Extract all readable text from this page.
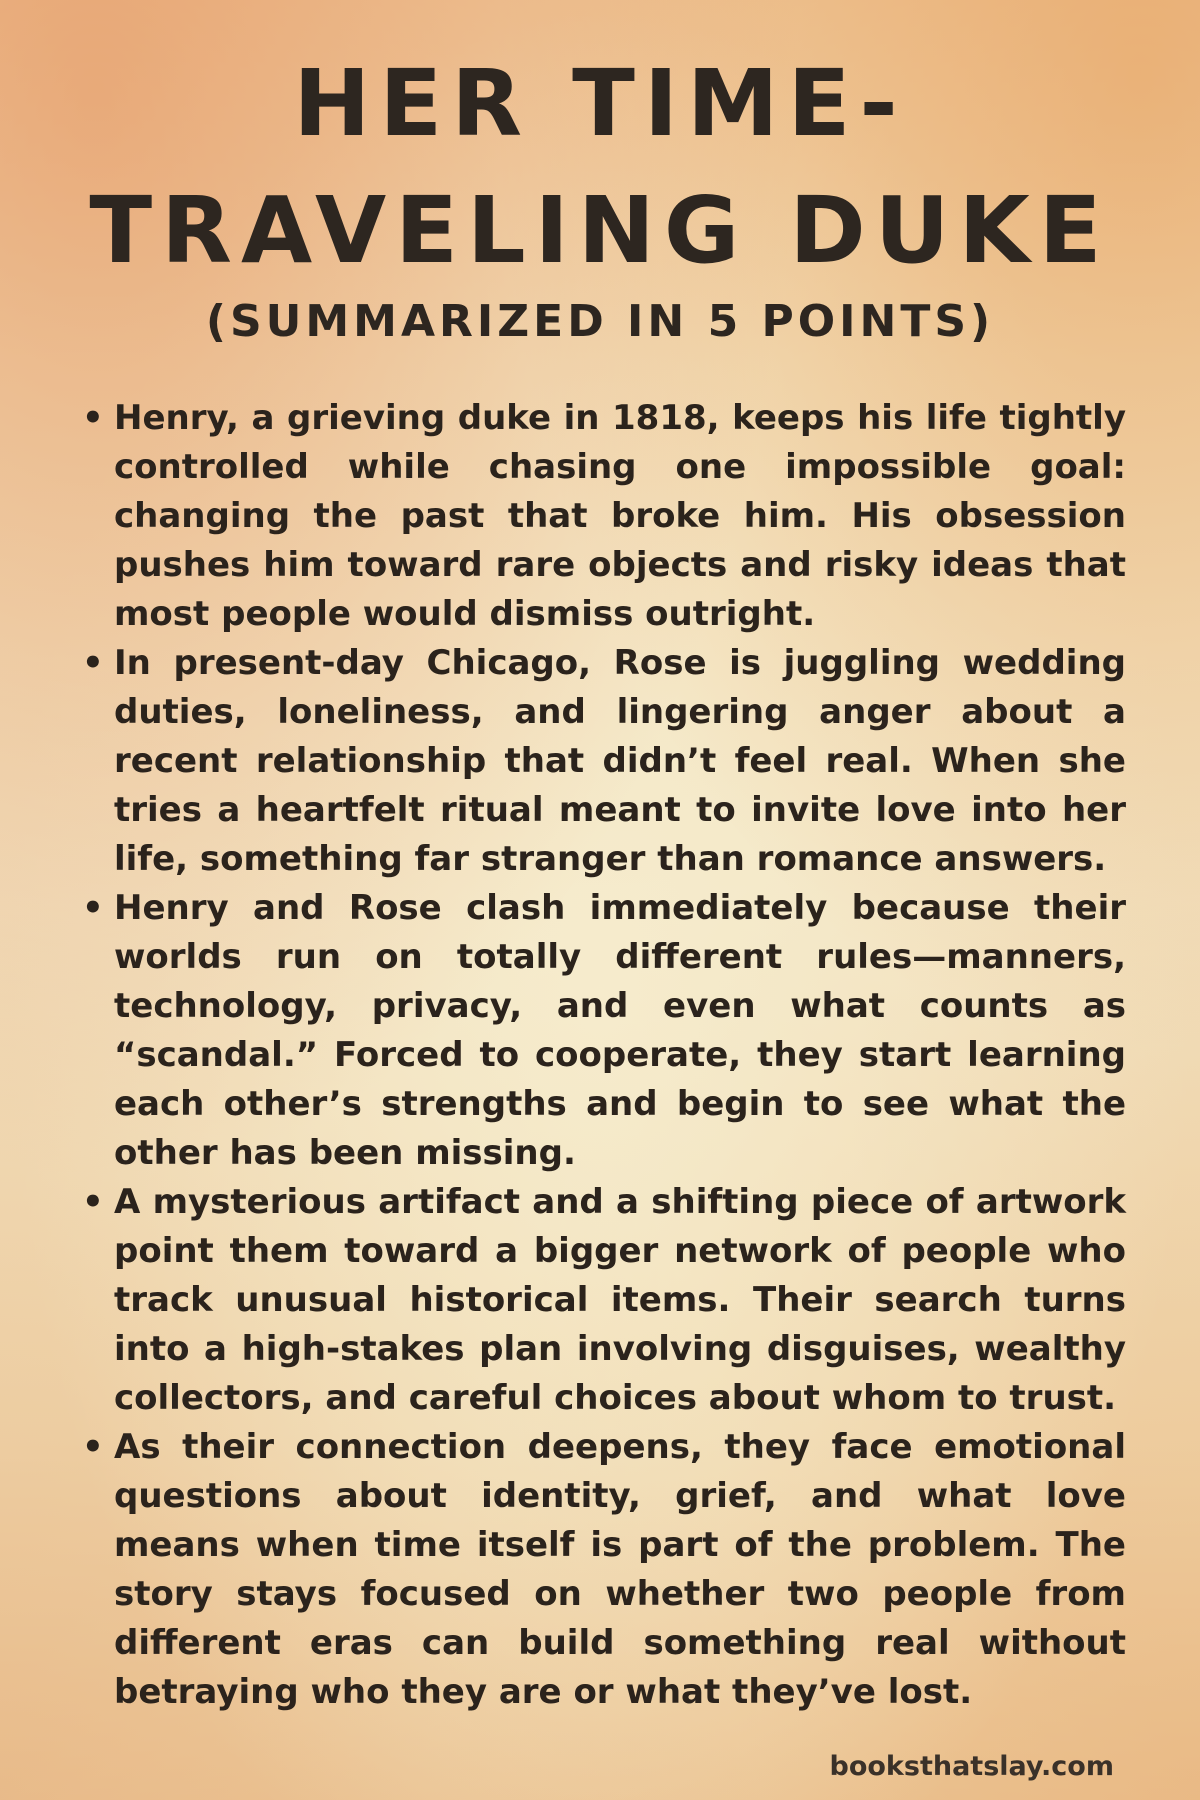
HER TIME-
TRAVELING DUKE
(SUMMARIZED IN 5 POINTS)
• Henry, a grieving duke in 1818, keeps his life tightly controlled while chasing one impossible goal: changing the past that broke him. His obsession pushes him toward rare objects and risky ideas that most people would dismiss outright.
• In present-day Chicago, Rose is juggling wedding duties, loneliness, and lingering anger about a recent relationship that didn’t feel real. When she tries a heartfelt ritual meant to invite love into her life, something far stranger than romance answers.
• Henry and Rose clash immediately because their worlds run on totally different rules—manners, technology, privacy, and even what counts as “scandal.” Forced to cooperate, they start learning each other’s strengths and begin to see what the other has been missing.
• A mysterious artifact and a shifting piece of artwork point them toward a bigger network of people who track unusual historical items. Their search turns into a high-stakes plan involving disguises, wealthy collectors, and careful choices about whom to trust.
• As their connection deepens, they face emotional questions about identity, grief, and what love means when time itself is part of the problem. The story stays focused on whether two people from different eras can build something real without betraying who they are or what they’ve lost.
booksthatslay.com
